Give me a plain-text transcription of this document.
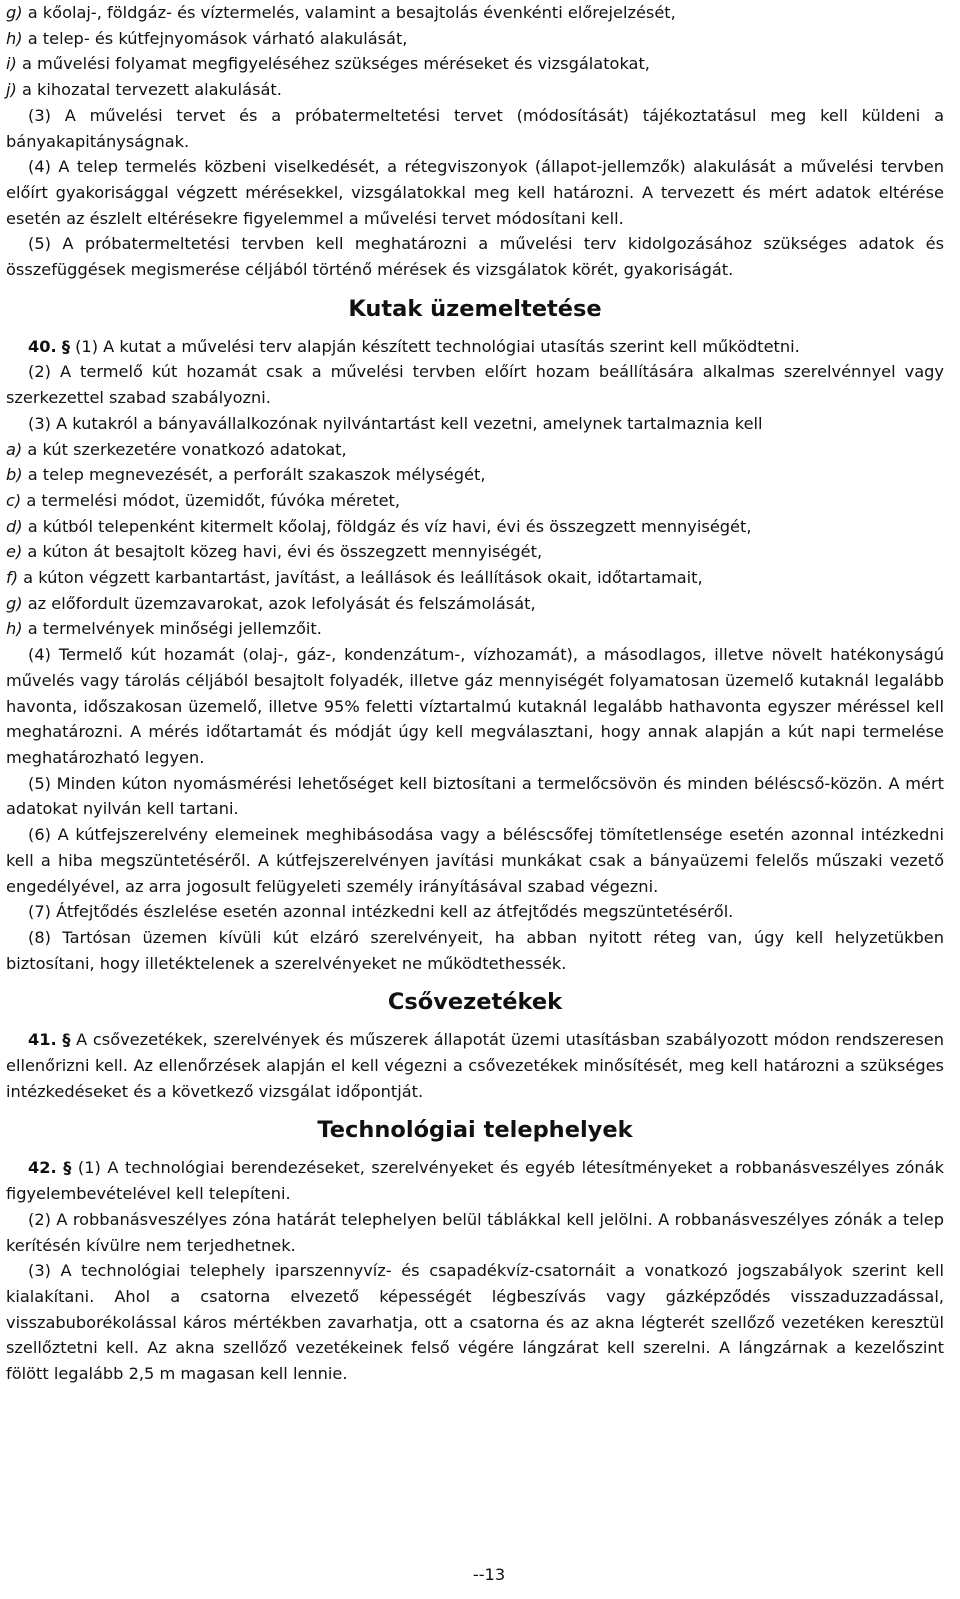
g) a kőolaj-, földgáz- és víztermelés, valamint a besajtolás évenkénti előrejelzését,

h) a telep- és kútfejnyomások várható alakulását,

i) a művelési folyamat megfigyeléséhez szükséges méréseket és vizsgálatokat,

j) a kihozatal tervezett alakulását.

(3) A művelési tervet és a próbatermeltetési tervet (módosítását) tájékoztatásul meg kell küldeni a bányakapitányságnak.

(4) A telep termelés közbeni viselkedését, a rétegviszonyok (állapot-jellemzők) alakulását a művelési tervben előírt gyakorisággal végzett mérésekkel, vizsgálatokkal meg kell határozni. A tervezett és mért adatok eltérése esetén az észlelt eltérésekre figyelemmel a művelési tervet módosítani kell.

(5) A próbatermeltetési tervben kell meghatározni a művelési terv kidolgozásához szükséges adatok és összefüggések megismerése céljából történő mérések és vizsgálatok körét, gyakoriságát.

Kutak üzemeltetése

40. § (1) A kutat a művelési terv alapján készített technológiai utasítás szerint kell működtetni.

(2) A termelő kút hozamát csak a művelési tervben előírt hozam beállítására alkalmas szerelvénnyel vagy szerkezettel szabad szabályozni.

(3) A kutakról a bányavállalkozónak nyilvántartást kell vezetni, amelynek tartalmaznia kell

a) a kút szerkezetére vonatkozó adatokat,

b) a telep megnevezését, a perforált szakaszok mélységét,

c) a termelési módot, üzemidőt, fúvóka méretet,

d) a kútból telepenként kitermelt kőolaj, földgáz és víz havi, évi és összegzett mennyiségét,

e) a kúton át besajtolt közeg havi, évi és összegzett mennyiségét,

f) a kúton végzett karbantartást, javítást, a leállások és leállítások okait, időtartamait,

g) az előfordult üzemzavarokat, azok lefolyását és felszámolását,

h) a termelvények minőségi jellemzőit.

(4) Termelő kút hozamát (olaj-, gáz-, kondenzátum-, vízhozamát), a másodlagos, illetve növelt hatékonyságú művelés vagy tárolás céljából besajtolt folyadék, illetve gáz mennyiségét folyamatosan üzemelő kutaknál legalább havonta, időszakosan üzemelő, illetve 95% feletti víztartalmú kutaknál legalább hathavonta egyszer méréssel kell meghatározni. A mérés időtartamát és módját úgy kell megválasztani, hogy annak alapján a kút napi termelése meghatározható legyen.

(5) Minden kúton nyomásmérési lehetőséget kell biztosítani a termelőcsövön és minden béléscső-közön. A mért adatokat nyilván kell tartani.

(6) A kútfejszerelvény elemeinek meghibásodása vagy a béléscsőfej tömítetlensége esetén azonnal intézkedni kell a hiba megszüntetéséről. A kútfejszerelvényen javítási munkákat csak a bányaüzemi felelős műszaki vezető engedélyével, az arra jogosult felügyeleti személy irányításával szabad végezni.

(7) Átfejtődés észlelése esetén azonnal intézkedni kell az átfejtődés megszüntetéséről.

(8) Tartósan üzemen kívüli kút elzáró szerelvényeit, ha abban nyitott réteg van, úgy kell helyzetükben biztosítani, hogy illetéktelenek a szerelvényeket ne működtethessék.

Csővezetékek

41. § A csővezetékek, szerelvények és műszerek állapotát üzemi utasításban szabályozott módon rendszeresen ellenőrizni kell. Az ellenőrzések alapján el kell végezni a csővezetékek minősítését, meg kell határozni a szükséges intézkedéseket és a következő vizsgálat időpontját.

Technológiai telephelyek

42. § (1) A technológiai berendezéseket, szerelvényeket és egyéb létesítményeket a robbanásveszélyes zónák figyelembevételével kell telepíteni.

(2) A robbanásveszélyes zóna határát telephelyen belül táblákkal kell jelölni. A robbanásveszélyes zónák a telep kerítésén kívülre nem terjedhetnek.

(3) A technológiai telephely iparszennyvíz- és csapadékvíz-csatornáit a vonatkozó jogszabályok szerint kell kialakítani. Ahol a csatorna elvezető képességét légbeszívás vagy gázképződés visszaduzzadással, visszabuborékolással káros mértékben zavarhatja, ott a csatorna és az akna légterét szellőző vezetéken keresztül szellőztetni kell. Az akna szellőző vezetékeinek felső végére lángzárat kell szerelni. A lángzárnak a kezelőszint fölött legalább 2,5 m magasan kell lennie.

--13
